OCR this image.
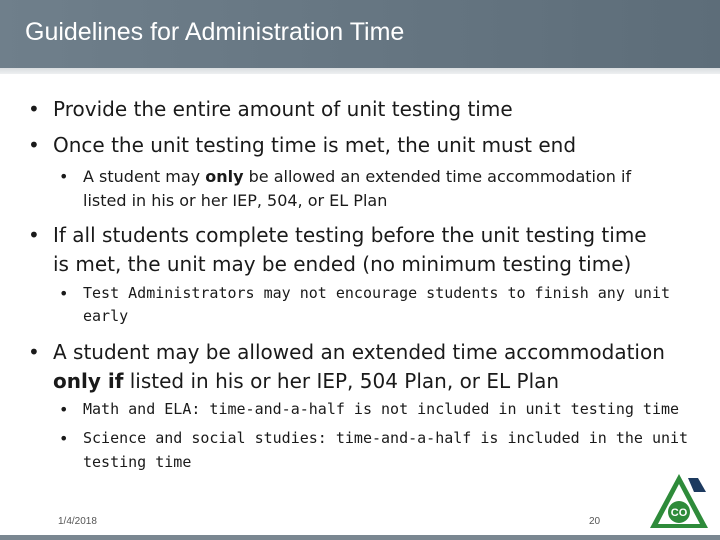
Guidelines for Administration Time
• Provide the entire amount of unit testing time
• Once the unit testing time is met, the unit must end
• A student may only be allowed an extended time accommodation if
listed in his or her IEP, 504, or EL Plan
• If all students complete testing before the unit testing time
is met, the unit may be ended (no minimum testing time)
• Test Administrators may not encourage students to finish any unit
early
• A student may be allowed an extended time accommodation
only if listed in his or her IEP, 504 Plan, or EL Plan
• Math and ELA: time-and-a-half is not included in unit testing time
• Science and social studies: time-and-a-half is included in the unit
testing time
1/4/2018	20
CO
